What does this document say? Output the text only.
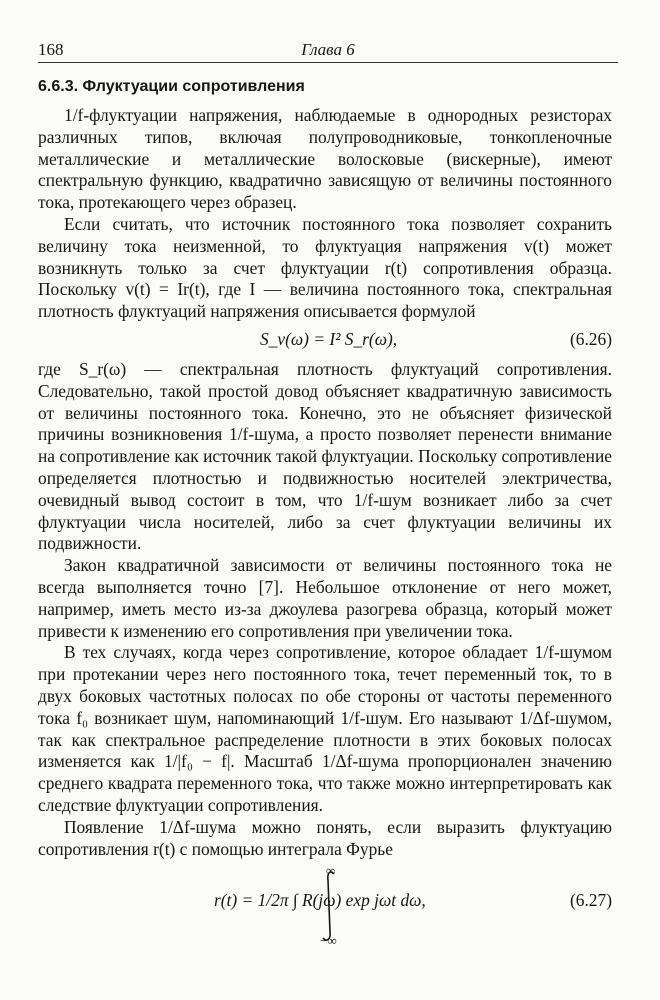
168	Глава 6
6.6.3. Флуктуации сопротивления

1/f-флуктуации напряжения, наблюдаемые в однородных резисторах различных типов, включая полупроводниковые, тонкопленочные металлические и металлические волосковые (вискерные), имеют спектральную функцию, квадратично зависящую от величины постоянного тока, протекающего через образец.

Если считать, что источник постоянного тока позволяет сохранить величину тока неизменной, то флуктуация напряжения v(t) может возникнуть только за счет флуктуации r(t) сопротивления образца. Поскольку v(t) = Ir(t), где I — величина постоянного тока, спектральная плотность флуктуаций напряжения описывается формулой

S_v(ω) = I² S_r(ω),	(6.26)

где S_r(ω) — спектральная плотность флуктуаций сопротивления. Следовательно, такой простой довод объясняет квадратичную зависимость от величины постоянного тока. Конечно, это не объясняет физической причины возникновения 1/f-шума, а просто позволяет перенести внимание на сопротивление как источник такой флуктуации. Поскольку сопротивление определяется плотностью и подвижностью носителей электричества, очевидный вывод состоит в том, что 1/f-шум возникает либо за счет флуктуации числа носителей, либо за счет флуктуации величины их подвижности.

Закон квадратичной зависимости от величины постоянного тока не всегда выполняется точно [7]. Небольшое отклонение от него может, например, иметь место из-за джоулева разогрева образца, который может привести к изменению его сопротивления при увеличении тока.

В тех случаях, когда через сопротивление, которое обладает 1/f-шумом при протекании через него постоянного тока, течет переменный ток, то в двух боковых частотных полосах по обе стороны от частоты переменного тока f₀ возникает шум, напоминающий 1/f-шум. Его называют 1/Δf-шумом, так как спектральное распределение плотности в этих боковых полосах изменяется как 1/|f₀ − f|. Масштаб 1/Δf-шума пропорционален значению среднего квадрата переменного тока, что также можно интерпретировать как следствие флуктуации сопротивления.

Появление 1/Δf-шума можно понять, если выразить флуктуацию сопротивления r(t) с помощью интеграла Фурье

r(t) = 1/2π ∫ R(jω) exp jωt dω,
∞
−∞
(6.27)
